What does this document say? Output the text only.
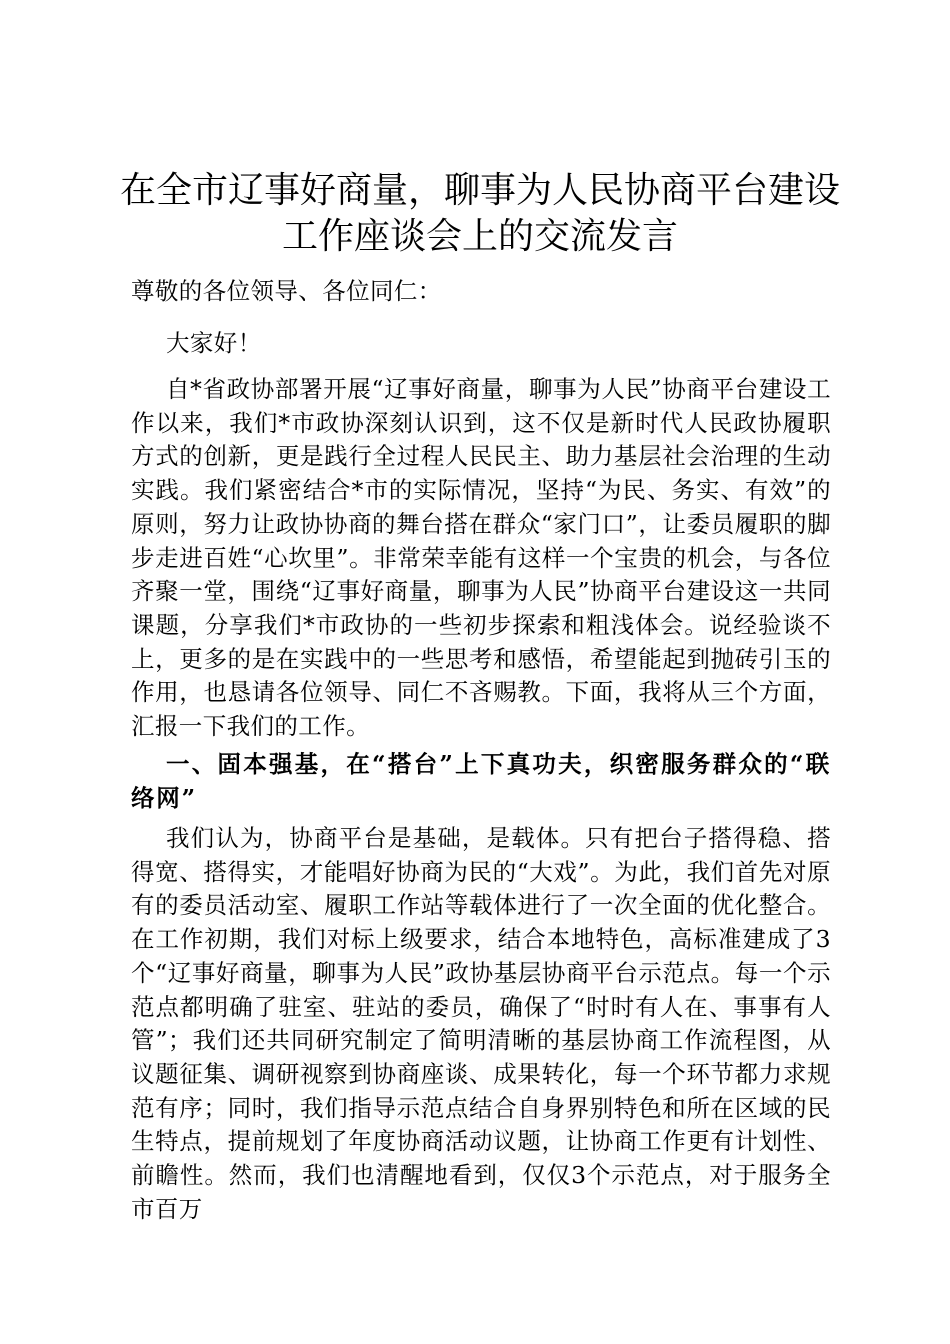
在全市辽事好商量，聊事为人民协商平台建设
工作座谈会上的交流发言

尊敬的各位领导、各位同仁：

大家好！

自*省政协部署开展“辽事好商量，聊事为人民”协商平台建设工作以来，我们*市政协深刻认识到，这不仅是新时代人民政协履职方式的创新，更是践行全过程人民民主、助力基层社会治理的生动实践。我们紧密结合*市的实际情况，坚持“为民、务实、有效”的原则，努力让政协协商的舞台搭在群众“家门口”，让委员履职的脚步走进百姓“心坎里”。非常荣幸能有这样一个宝贵的机会，与各位齐聚一堂，围绕“辽事好商量，聊事为人民”协商平台建设这一共同课题，分享我们*市政协的一些初步探索和粗浅体会。说经验谈不上，更多的是在实践中的一些思考和感悟，希望能起到抛砖引玉的作用，也恳请各位领导、同仁不吝赐教。下面，我将从三个方面，汇报一下我们的工作。

一、固本强基，在“搭台”上下真功夫，织密服务群众的“联络网”

我们认为，协商平台是基础，是载体。只有把台子搭得稳、搭得宽、搭得实，才能唱好协商为民的“大戏”。为此，我们首先对原有的委员活动室、履职工作站等载体进行了一次全面的优化整合。在工作初期，我们对标上级要求，结合本地特色，高标准建成了3个“辽事好商量，聊事为人民”政协基层协商平台示范点。每一个示范点都明确了驻室、驻站的委员，确保了“时时有人在、事事有人管”；我们还共同研究制定了简明清晰的基层协商工作流程图，从议题征集、调研视察到协商座谈、成果转化，每一个环节都力求规范有序；同时，我们指导示范点结合自身界别特色和所在区域的民生特点，提前规划了年度协商活动议题，让协商工作更有计划性、前瞻性。然而，我们也清醒地看到，仅仅3个示范点，对于服务全市百万
